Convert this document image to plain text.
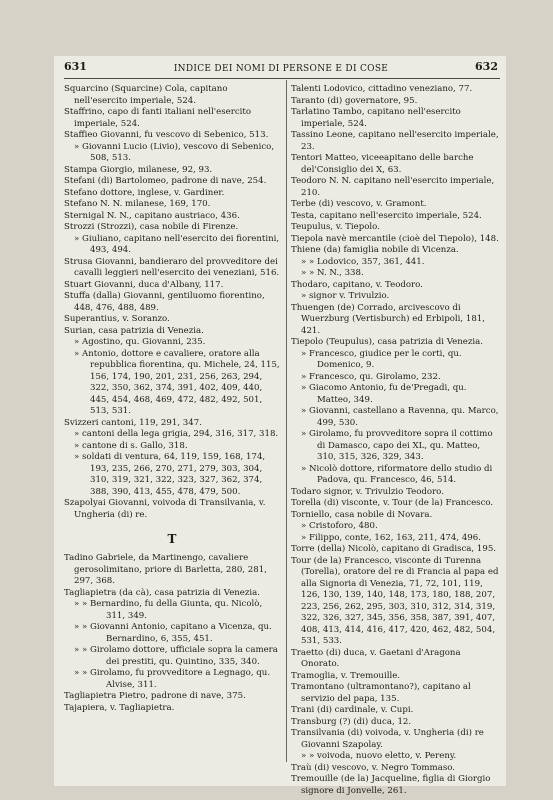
631	INDICE DEI NOMI DI PERSONE E DI COSE	632

Squarcino (Squarcine) Cola, capitano nell'esercito imperiale, 524.

Staffrino, capo di fanti italiani nell'esercito imperiale, 524.

Staffieo Giovanni, fu vescovo di Sebenico, 513.

» Giovanni Lucio (Livio), vescovo di Sebenico, 508, 513.

Stampa Giorgio, milanese, 92, 93.

Stefani (di) Bartolomeo, padrone di nave, 254.

Stefano dottore, inglese, v. Gardiner.

Stefano N. N. milanese, 169, 170.

Sternigal N. N., capitano austriaco, 436.

Strozzi (Strozzi), casa nobile di Firenze.

» Giuliano, capitano nell'esercito dei fiorentini, 493, 494.

Strusa Giovanni, bandieraro del provveditore dei cavalli leggieri nell'esercito dei veneziani, 516.

Stuart Giovanni, duca d'Albany, 117.

Stuffa (dalla) Giovanni, gentiluomo fiorentino, 448, 476, 488, 489.

Superantius, v. Soranzo.

Surian, casa patrizia di Venezia.

» Agostino, qu. Giovanni, 235.

» Antonio, dottore e cavaliere, oratore alla repubblica fiorentina, qu. Michele, 24, 115, 156, 174, 190, 201, 231, 256, 263, 294, 322, 350, 362, 374, 391, 402, 409, 440, 445, 454, 468, 469, 472, 482, 492, 501, 513, 531.

Svizzeri cantoni, 119, 291, 347.

» cantoni della lega grigia, 294, 316, 317, 318.

» cantone di s. Gallo, 318.

» soldati di ventura, 64, 119, 159, 168, 174, 193, 235, 266, 270, 271, 279, 303, 304, 310, 319, 321, 322, 323, 327, 362, 374, 388, 390, 413, 455, 478, 479, 500.

Szapolyai Giovanni, voivoda di Transilvania, v. Ungheria (di) re.

T

Tadino Gabriele, da Martinengo, cavaliere gerosolimitano, priore di Barletta, 280, 281, 297, 368.

Tagliapietra (da cà), casa patrizia di Venezia.

» » Bernardino, fu della Giunta, qu. Nicolò, 311, 349.

» » Giovanni Antonio, capitano a Vicenza, qu. Bernardino, 6, 355, 451.

» » Girolamo dottore, ufficiale sopra la camera dei prestiti, qu. Quintino, 335, 340.

» » Girolamo, fu provveditore a Legnago, qu. Alvise, 311.

Tagliapietra Pietro, padrone di nave, 375.

Tajapiera, v. Tagliapietra.

Talenti Lodovico, cittadino veneziano, 77.

Taranto (di) governatore, 95.

Tarlatino Tambo, capitano nell'esercito imperiale, 524.

Tassino Leone, capitano nell'esercito imperiale, 23.

Tentori Matteo, viceeapitano delle barche del'Consiglio dei X, 63.

Teodoro N. N. capitano nell'esercito imperiale, 210.

Terbe (di) vescovo, v. Gramont.

Testa, capitano nell'esercito imperiale, 524.

Teupulus, v. Tiepolo.

Tiepola navè mercantile (cioè del Tiepolo), 148.

Thiene (da) famiglia nobile di Vicenza.

» » Lodovico, 357, 361, 441.

» » N. N., 338.

Thodaro, capitano, v. Teodoro.

» signor v. Trivulzio.

Thuengen (de) Corrado, arcivescovo di Wuerzburg (Vertisburch) ed Erbipoli, 181, 421.

Tiepolo (Teupulus), casa patrizia di Venezia.

» Francesco, giudice per le corti, qu. Domenico, 9.

» Francesco, qu. Girolamo, 232.

» Giacomo Antonio, fu de'Pregadi, qu. Matteo, 349.

» Giovanni, castellano a Ravenna, qu. Marco, 499, 530.

» Girolamo, fu provveditore sopra il cottimo di Damasco, capo dei XL, qu. Matteo, 310, 315, 326, 329, 343.

» Nicolò dottore, riformatore dello studio di Padova, qu. Francesco, 46, 514.

Todaro signor, v. Trivulzio Teodoro.

Torella (di) visconte, v. Tour (de la) Francesco.

Torniello, casa nobile di Novara.

» Cristoforo, 480.

» Filippo, conte, 162, 163, 211, 474, 496.

Torre (della) Nicolò, capitano di Gradisca, 195.

Tour (de la) Francesco, visconte di Turenna (Torella), oratore del re di Francia al papa ed alla Signoria di Venezia, 71, 72, 101, 119, 126, 130, 139, 140, 148, 173, 180, 188, 207, 223, 256, 262, 295, 303, 310, 312, 314, 319, 322, 326, 327, 345, 356, 358, 387, 391, 407, 408, 413, 414, 416, 417, 420, 462, 482, 504, 531, 533.

Traetto (di) duca, v. Gaetani d'Aragona Onorato.

Tramoglia, v. Tremouille.

Tramontano (ultramontano?), capitano al servizio del papa, 135.

Trani (di) cardinale, v. Cupi.

Transburg (?) (di) duca, 12.

Transilvania (di) voivoda, v. Ungheria (di) re Giovanni Szapolay.

» » voivoda, nuovo eletto, v. Pereny.

Traù (di) vescovo, v. Negro Tommaso.

Tremouille (de la) Jacqueline, figlia di Giorgio signore di Jonvelle, 261.
